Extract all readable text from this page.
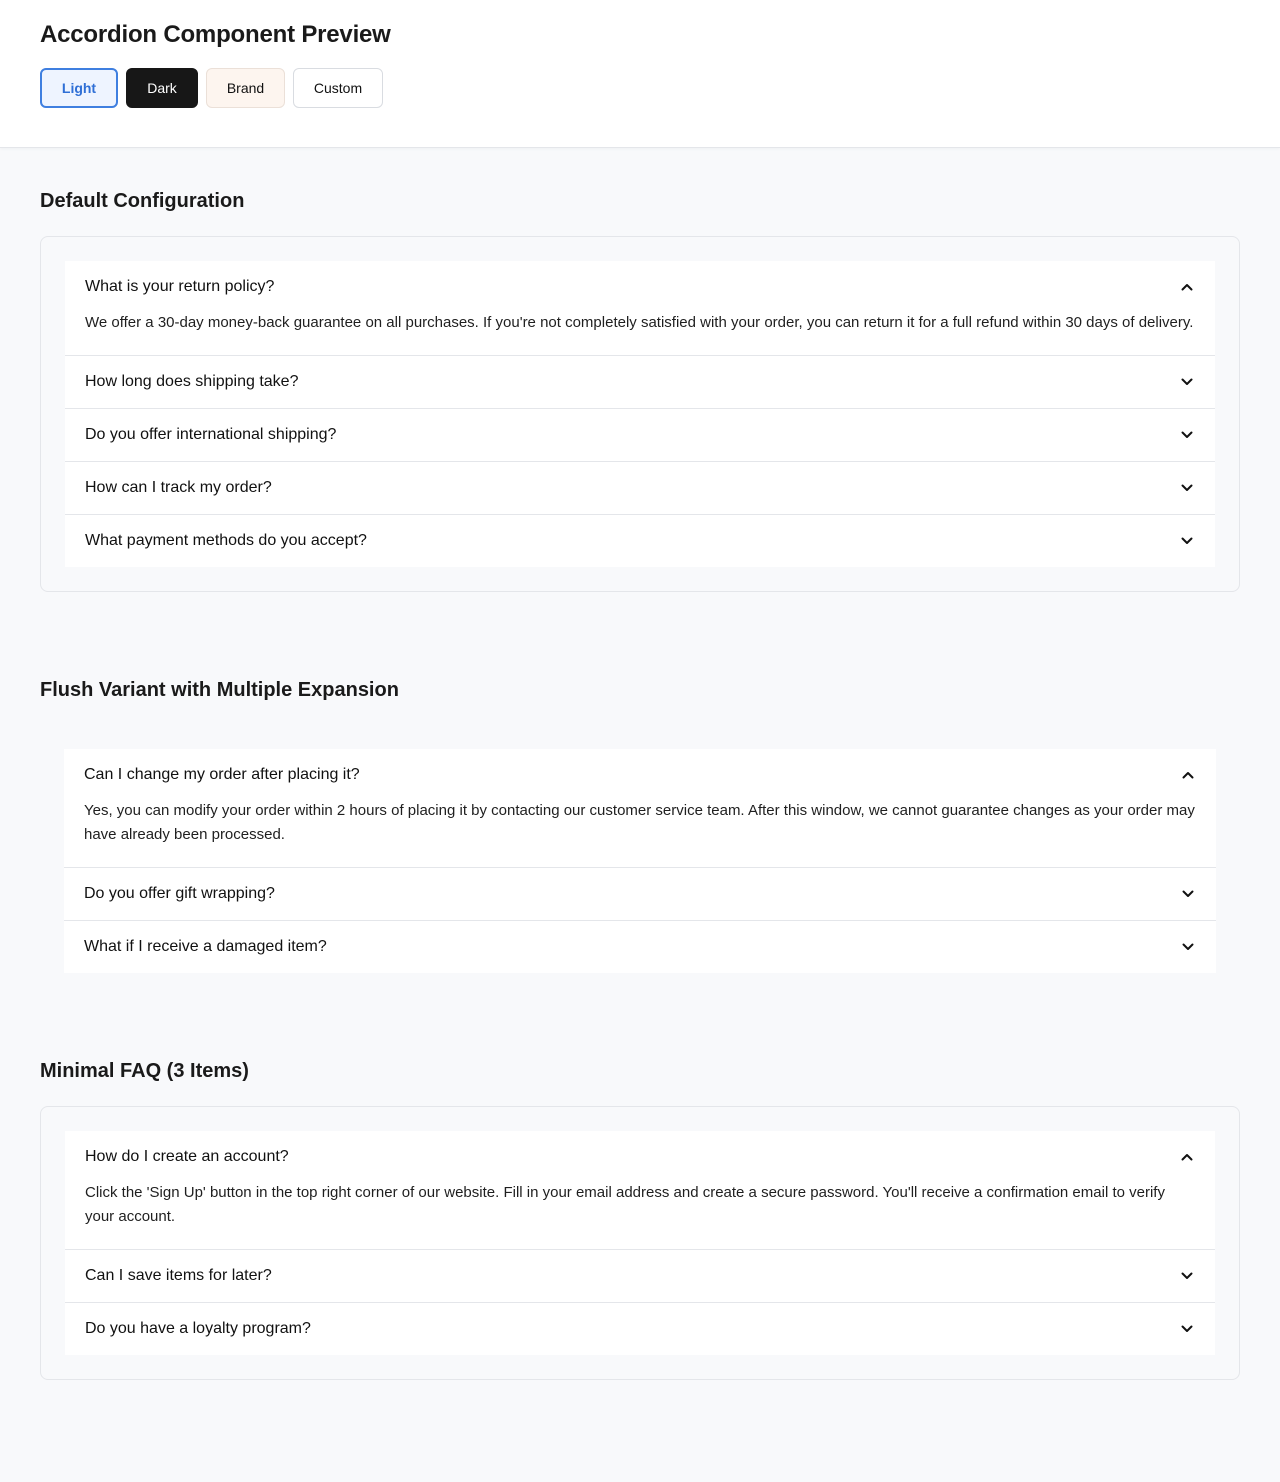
Accordion Component Preview
Light	Dark	Brand	Custom
Default Configuration
What is your return policy?
We offer a 30-day money-back guarantee on all purchases. If you're not completely satisfied with your order, you can return it for a full refund within 30 days of delivery.
How long does shipping take?
Do you offer international shipping?
How can I track my order?
What payment methods do you accept?
Flush Variant with Multiple Expansion
Can I change my order after placing it?
Yes, you can modify your order within 2 hours of placing it by contacting our customer service team. After this window, we cannot guarantee changes as your order may have already been processed.
Do you offer gift wrapping?
What if I receive a damaged item?
Minimal FAQ (3 Items)
How do I create an account?
Click the 'Sign Up' button in the top right corner of our website. Fill in your email address and create a secure password. You'll receive a confirmation email to verify your account.
Can I save items for later?
Do you have a loyalty program?
